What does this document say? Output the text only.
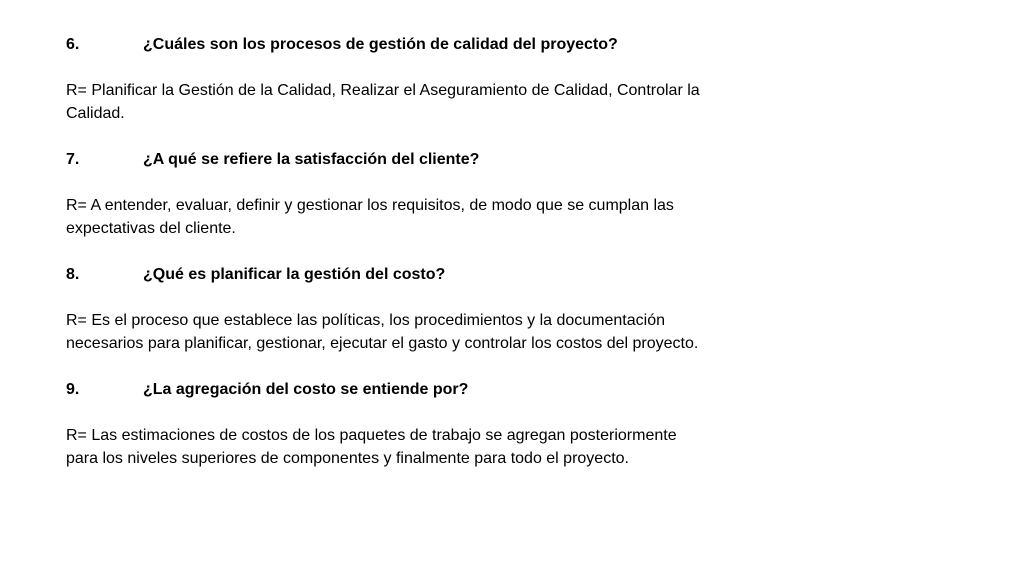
6.	¿Cuáles son los procesos de gestión de calidad del proyecto?
R= Planificar la Gestión de la Calidad, Realizar el Aseguramiento de Calidad, Controlar la
Calidad.
7.	¿A qué se refiere la satisfacción del cliente?
R= A entender, evaluar, definir y gestionar los requisitos, de modo que se cumplan las
expectativas del cliente.
8.	¿Qué es planificar la gestión del costo?
R= Es el proceso que establece las políticas, los procedimientos y la documentación
necesarios para planificar, gestionar, ejecutar el gasto y controlar los costos del proyecto.
9.	¿La agregación del costo se entiende por?
R= Las estimaciones de costos de los paquetes de trabajo se agregan posteriormente
para los niveles superiores de componentes y finalmente para todo el proyecto.
